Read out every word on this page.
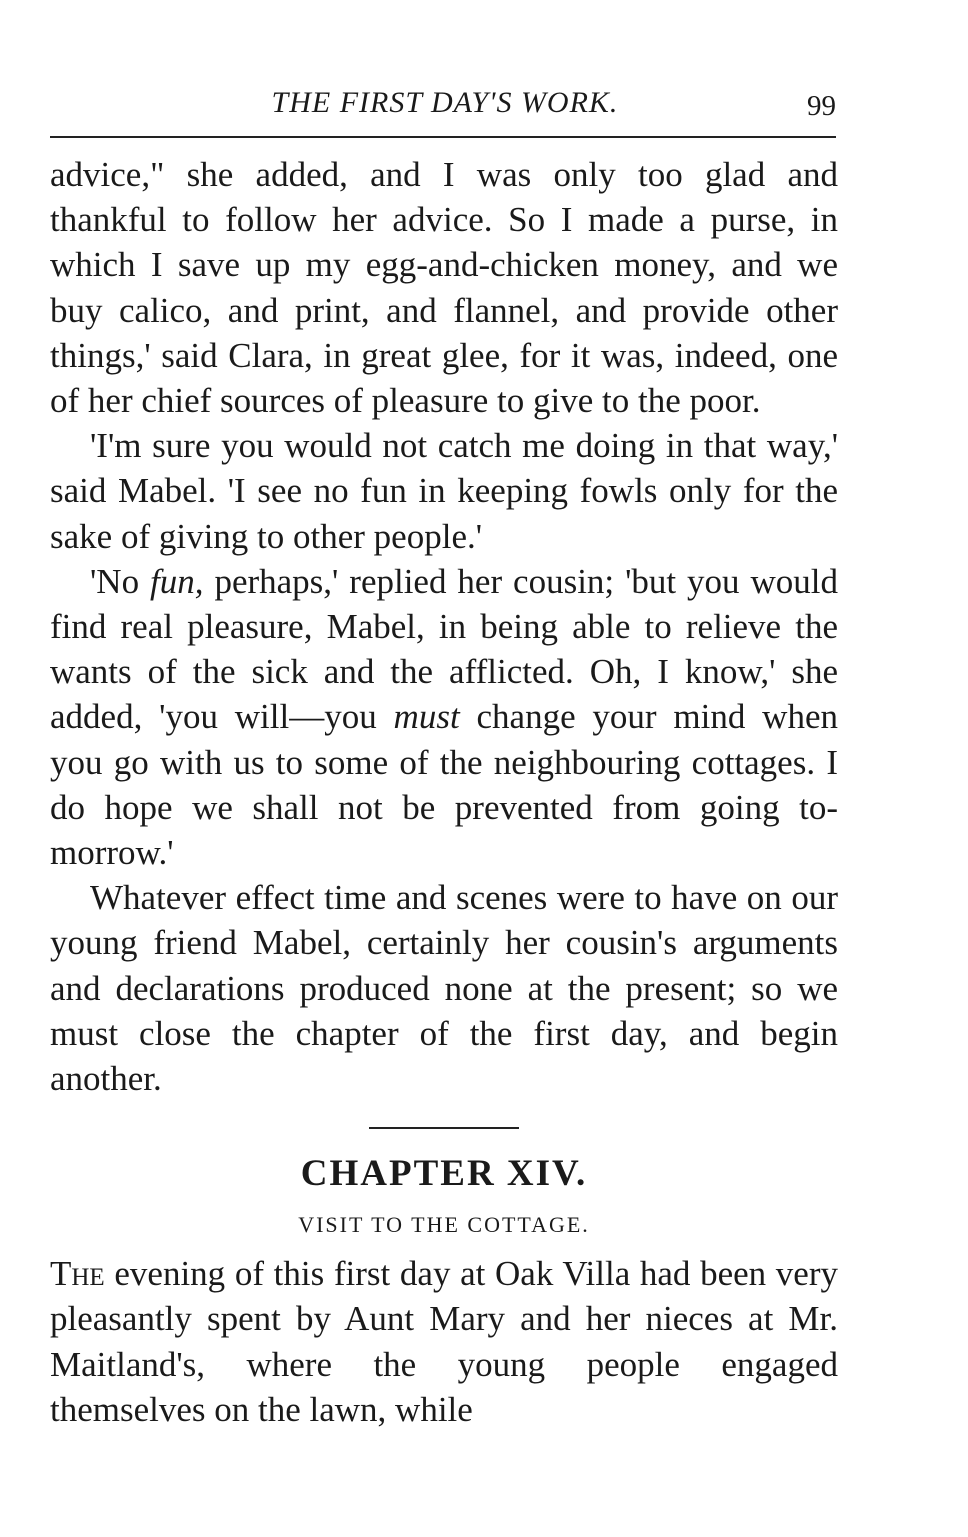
THE FIRST DAY'S WORK.	99

advice," she added, and I was only too glad and thankful to follow her advice. So I made a purse, in which I save up my egg-and-chicken money, and we buy calico, and print, and flannel, and provide other things,' said Clara, in great glee, for it was, indeed, one of her chief sources of pleasure to give to the poor.

'I'm sure you would not catch me doing in that way,' said Mabel. 'I see no fun in keeping fowls only for the sake of giving to other people.'

'No fun, perhaps,' replied her cousin; 'but you would find real pleasure, Mabel, in being able to relieve the wants of the sick and the afflicted. Oh, I know,' she added, 'you will—you must change your mind when you go with us to some of the neighbouring cottages. I do hope we shall not be prevented from going to-morrow.'

Whatever effect time and scenes were to have on our young friend Mabel, certainly her cousin's arguments and declarations produced none at the present; so we must close the chapter of the first day, and begin another.

CHAPTER XIV.
VISIT TO THE COTTAGE.

The evening of this first day at Oak Villa had been very pleasantly spent by Aunt Mary and her nieces at Mr. Maitland's, where the young people engaged themselves on the lawn, while
